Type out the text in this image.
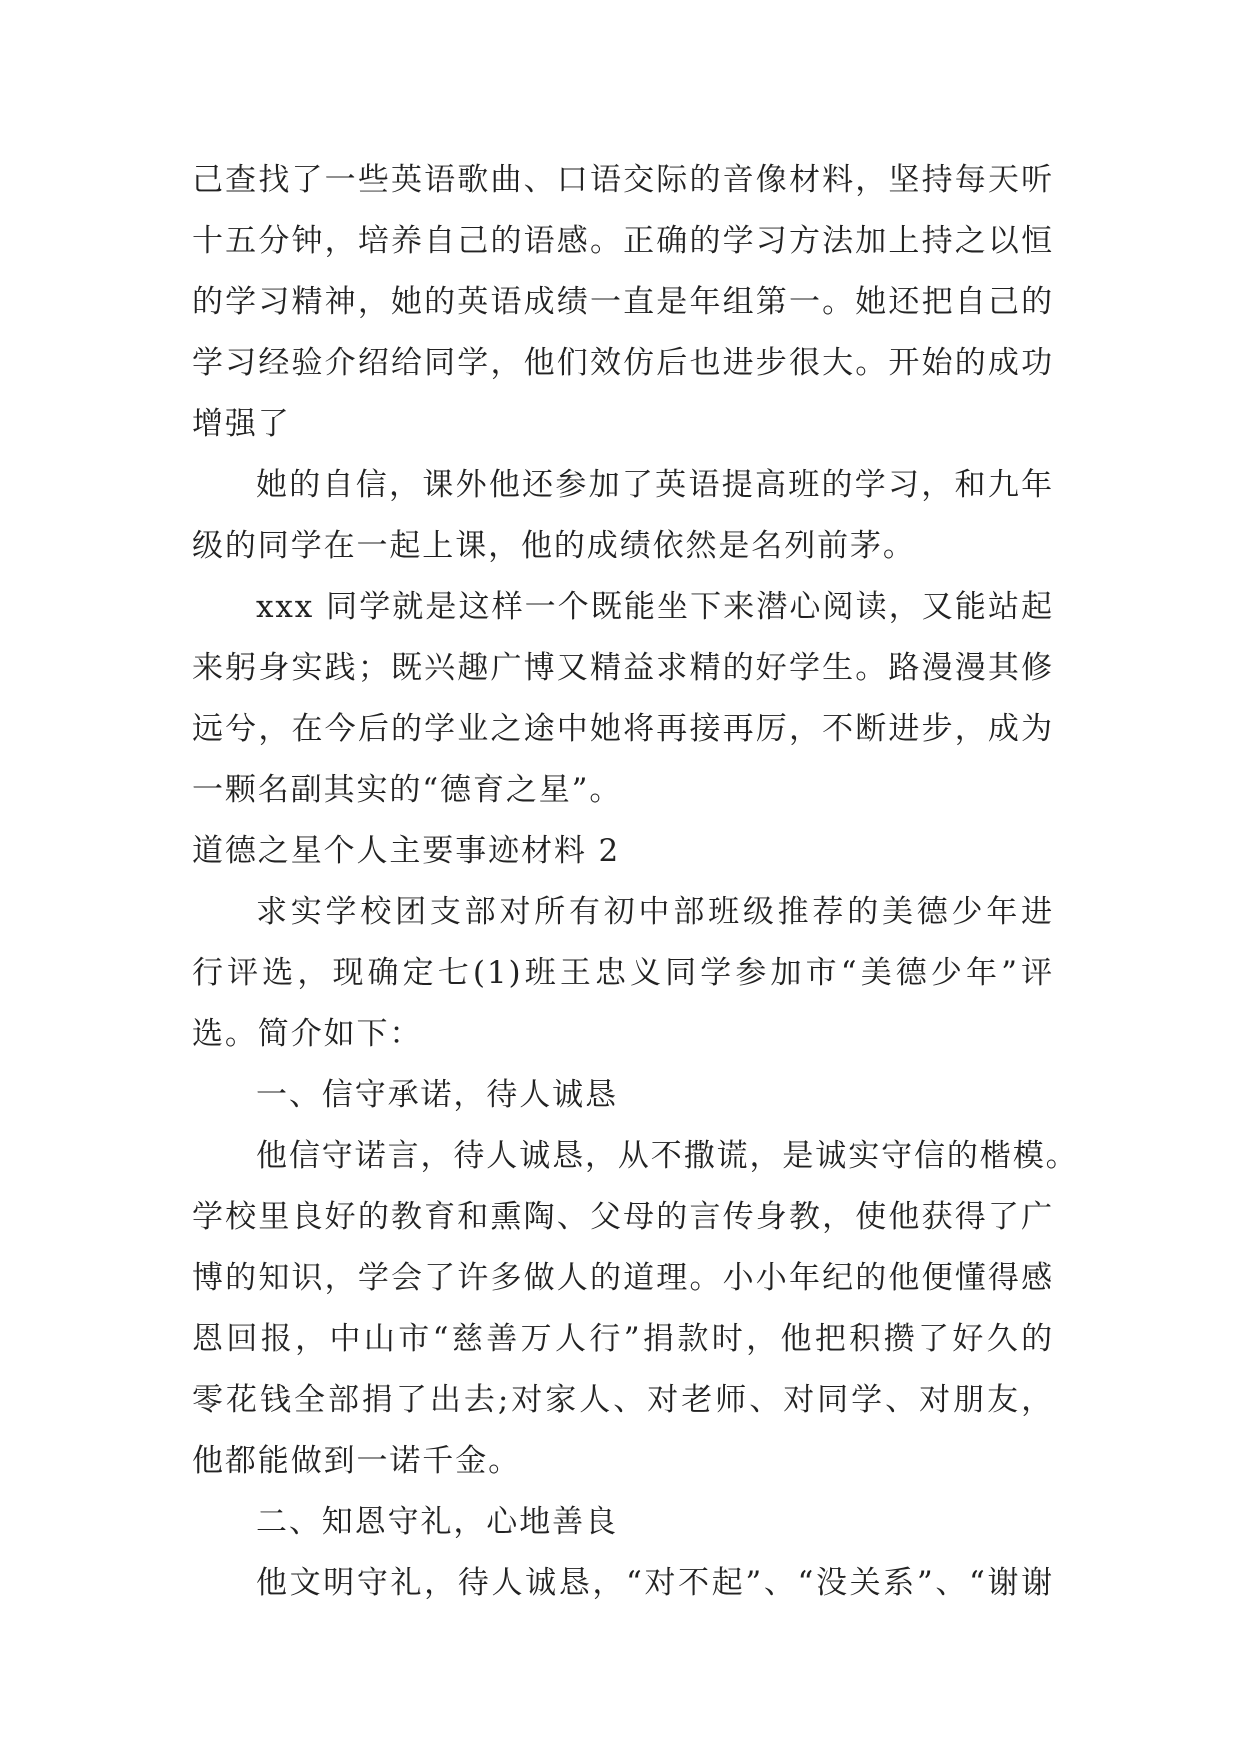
己查找了一些英语歌曲、口语交际的音像材料，坚持每天听
十五分钟，培养自己的语感。正确的学习方法加上持之以恒
的学习精神，她的英语成绩一直是年组第一。她还把自己的
学习经验介绍给同学，他们效仿后也进步很大。开始的成功
增强了
她的自信，课外他还参加了英语提高班的学习，和九年
级的同学在一起上课，他的成绩依然是名列前茅。
xxx 同学就是这样一个既能坐下来潜心阅读，又能站起
来躬身实践；既兴趣广博又精益求精的好学生。路漫漫其修
远兮，在今后的学业之途中她将再接再厉，不断进步，成为
一颗名副其实的“德育之星”。
道德之星个人主要事迹材料 2
求实学校团支部对所有初中部班级推荐的美德少年进
行评选，现确定七(1)班王忠义同学参加市“美德少年”评
选。简介如下：
一、信守承诺，待人诚恳
他信守诺言，待人诚恳，从不撒谎，是诚实守信的楷模。
学校里良好的教育和熏陶、父母的言传身教，使他获得了广
博的知识，学会了许多做人的道理。小小年纪的他便懂得感
恩回报，中山市“慈善万人行”捐款时，他把积攒了好久的
零花钱全部捐了出去;对家人、对老师、对同学、对朋友，
他都能做到一诺千金。
二、知恩守礼，心地善良
他文明守礼，待人诚恳，“对不起”、“没关系”、“谢谢
